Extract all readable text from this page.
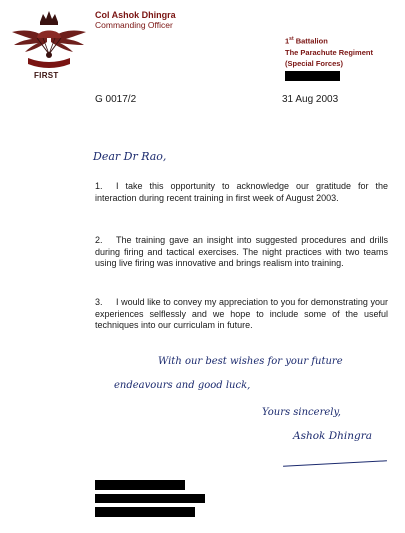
FIRST
Col Ashok Dhingra
Commanding Officer
1st Battalion
The Parachute Regiment
(Special Forces)
G 0017/2	31 Aug 2003
Dear Dr Rao,
1. I take this opportunity to acknowledge our gratitude for the interaction during recent training in first week of August 2003.
2. The training gave an insight into suggested procedures and drills during firing and tactical exercises. The night practices with two teams using live firing was innovative and brings realism into training.
3. I would like to convey my appreciation to you for demonstrating your experiences selflessly and we hope to include some of the useful techniques into our curriculam in future.
With our best wishes for your future
endeavours and good luck,
Yours sincerely,
Ashok Dhingra
